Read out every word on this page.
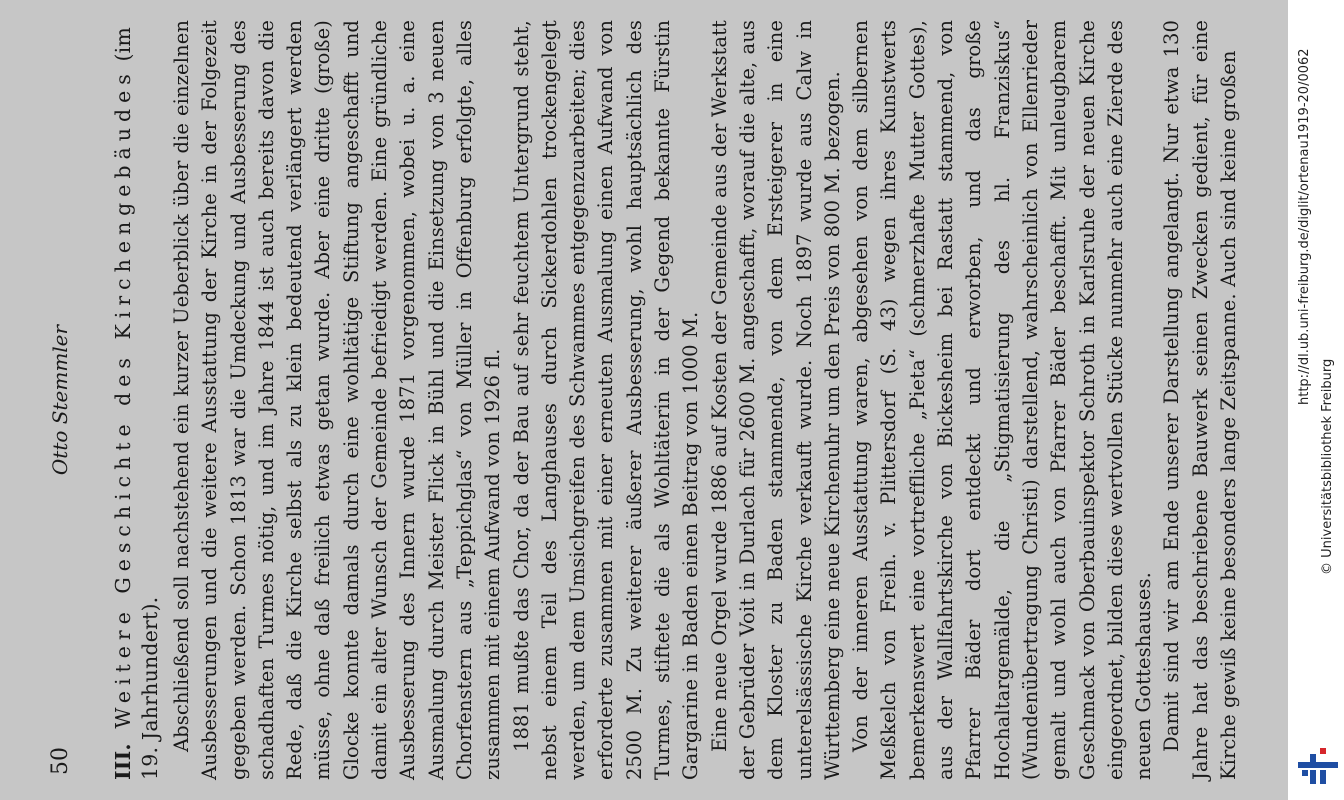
50
Otto Stemmler

III. Weitere Geschichte des Kirchengebäudes (im 19. Jahrhundert). Abschließend soll nachstehend ein kurzer Ueberblick über die einzelnen Ausbesserungen und die weitere Ausstattung der Kirche in der Folgezeit gegeben werden. Schon 1813 war die Umdeckung und Ausbesserung des schadhaften Turmes nötig, und im Jahre 1844 ist auch bereits davon die Rede, daß die Kirche selbst als zu klein bedeutend verlängert werden müsse, ohne daß freilich etwas getan wurde. Aber eine dritte (große) Glocke konnte damals durch eine wohltätige Stiftung angeschafft und damit ein alter Wunsch der Gemeinde befriedigt werden. Eine gründliche Ausbesserung des Innern wurde 1871 vorgenommen, wobei u. a. eine Ausmalung durch Meister Flick in Bühl und die Einsetzung von 3 neuen Chorfenstern aus „Teppichglas“ von Müller in Offenburg erfolgte, alles zusammen mit einem Aufwand von 1926 fl. 1881 mußte das Chor, da der Bau auf sehr feuchtem Untergrund steht, nebst einem Teil des Langhauses durch Sickerdohlen trockengelegt werden, um dem Umsichgreifen des Schwammes entgegenzuarbeiten; dies erforderte zusammen mit einer erneuten Ausmalung einen Aufwand von 2500 M. Zu weiterer äußerer Ausbesserung, wohl hauptsächlich des Turmes, stiftete die als Wohltäterin in der Gegend bekannte Fürstin Gargarine in Baden einen Beitrag von 1000 M. Eine neue Orgel wurde 1886 auf Kosten der Gemeinde aus der Werkstatt der Gebrüder Voit in Durlach für 2600 M. angeschafft, worauf die alte, aus dem Kloster zu Baden stammende, von dem Ersteigerer in eine unterelsässische Kirche verkauft wurde. Noch 1897 wurde aus Calw in Württemberg eine neue Kirchenuhr um den Preis von 800 M. bezogen. Von der inneren Ausstattung waren, abgesehen von dem silbernen Meßkelch von Freih. v. Plittersdorf (S. 43) wegen ihres Kunstwerts bemerkenswert eine vortreffliche „Pieta“ (schmerzhafte Mutter Gottes), aus der Wallfahrtskirche von Bickesheim bei Rastatt stammend, von Pfarrer Bäder dort entdeckt und erworben, und das große Hochaltargemälde, die „Stigmatisierung des hl. Franziskus“ (Wundenübertragung Christi) darstellend, wahrscheinlich von Ellenrieder gemalt und wohl auch von Pfarrer Bäder beschafft. Mit unleugbarem Geschmack von Oberbauinspektor Schroth in Karlsruhe der neuen Kirche eingeordnet, bilden diese wertvollen Stücke nunmehr auch eine Zierde des neuen Gotteshauses. Damit sind wir am Ende unserer Darstellung angelangt. Nur etwa 130 Jahre hat das beschriebene Bauwerk seinen Zwecken gedient, für eine Kirche gewiß keine besonders lange Zeitspanne. Auch sind keine großen	http://dl.ub.uni-freiburg.de/diglit/ortenau1919-20/0062
© Universitätsbibliothek Freiburg
